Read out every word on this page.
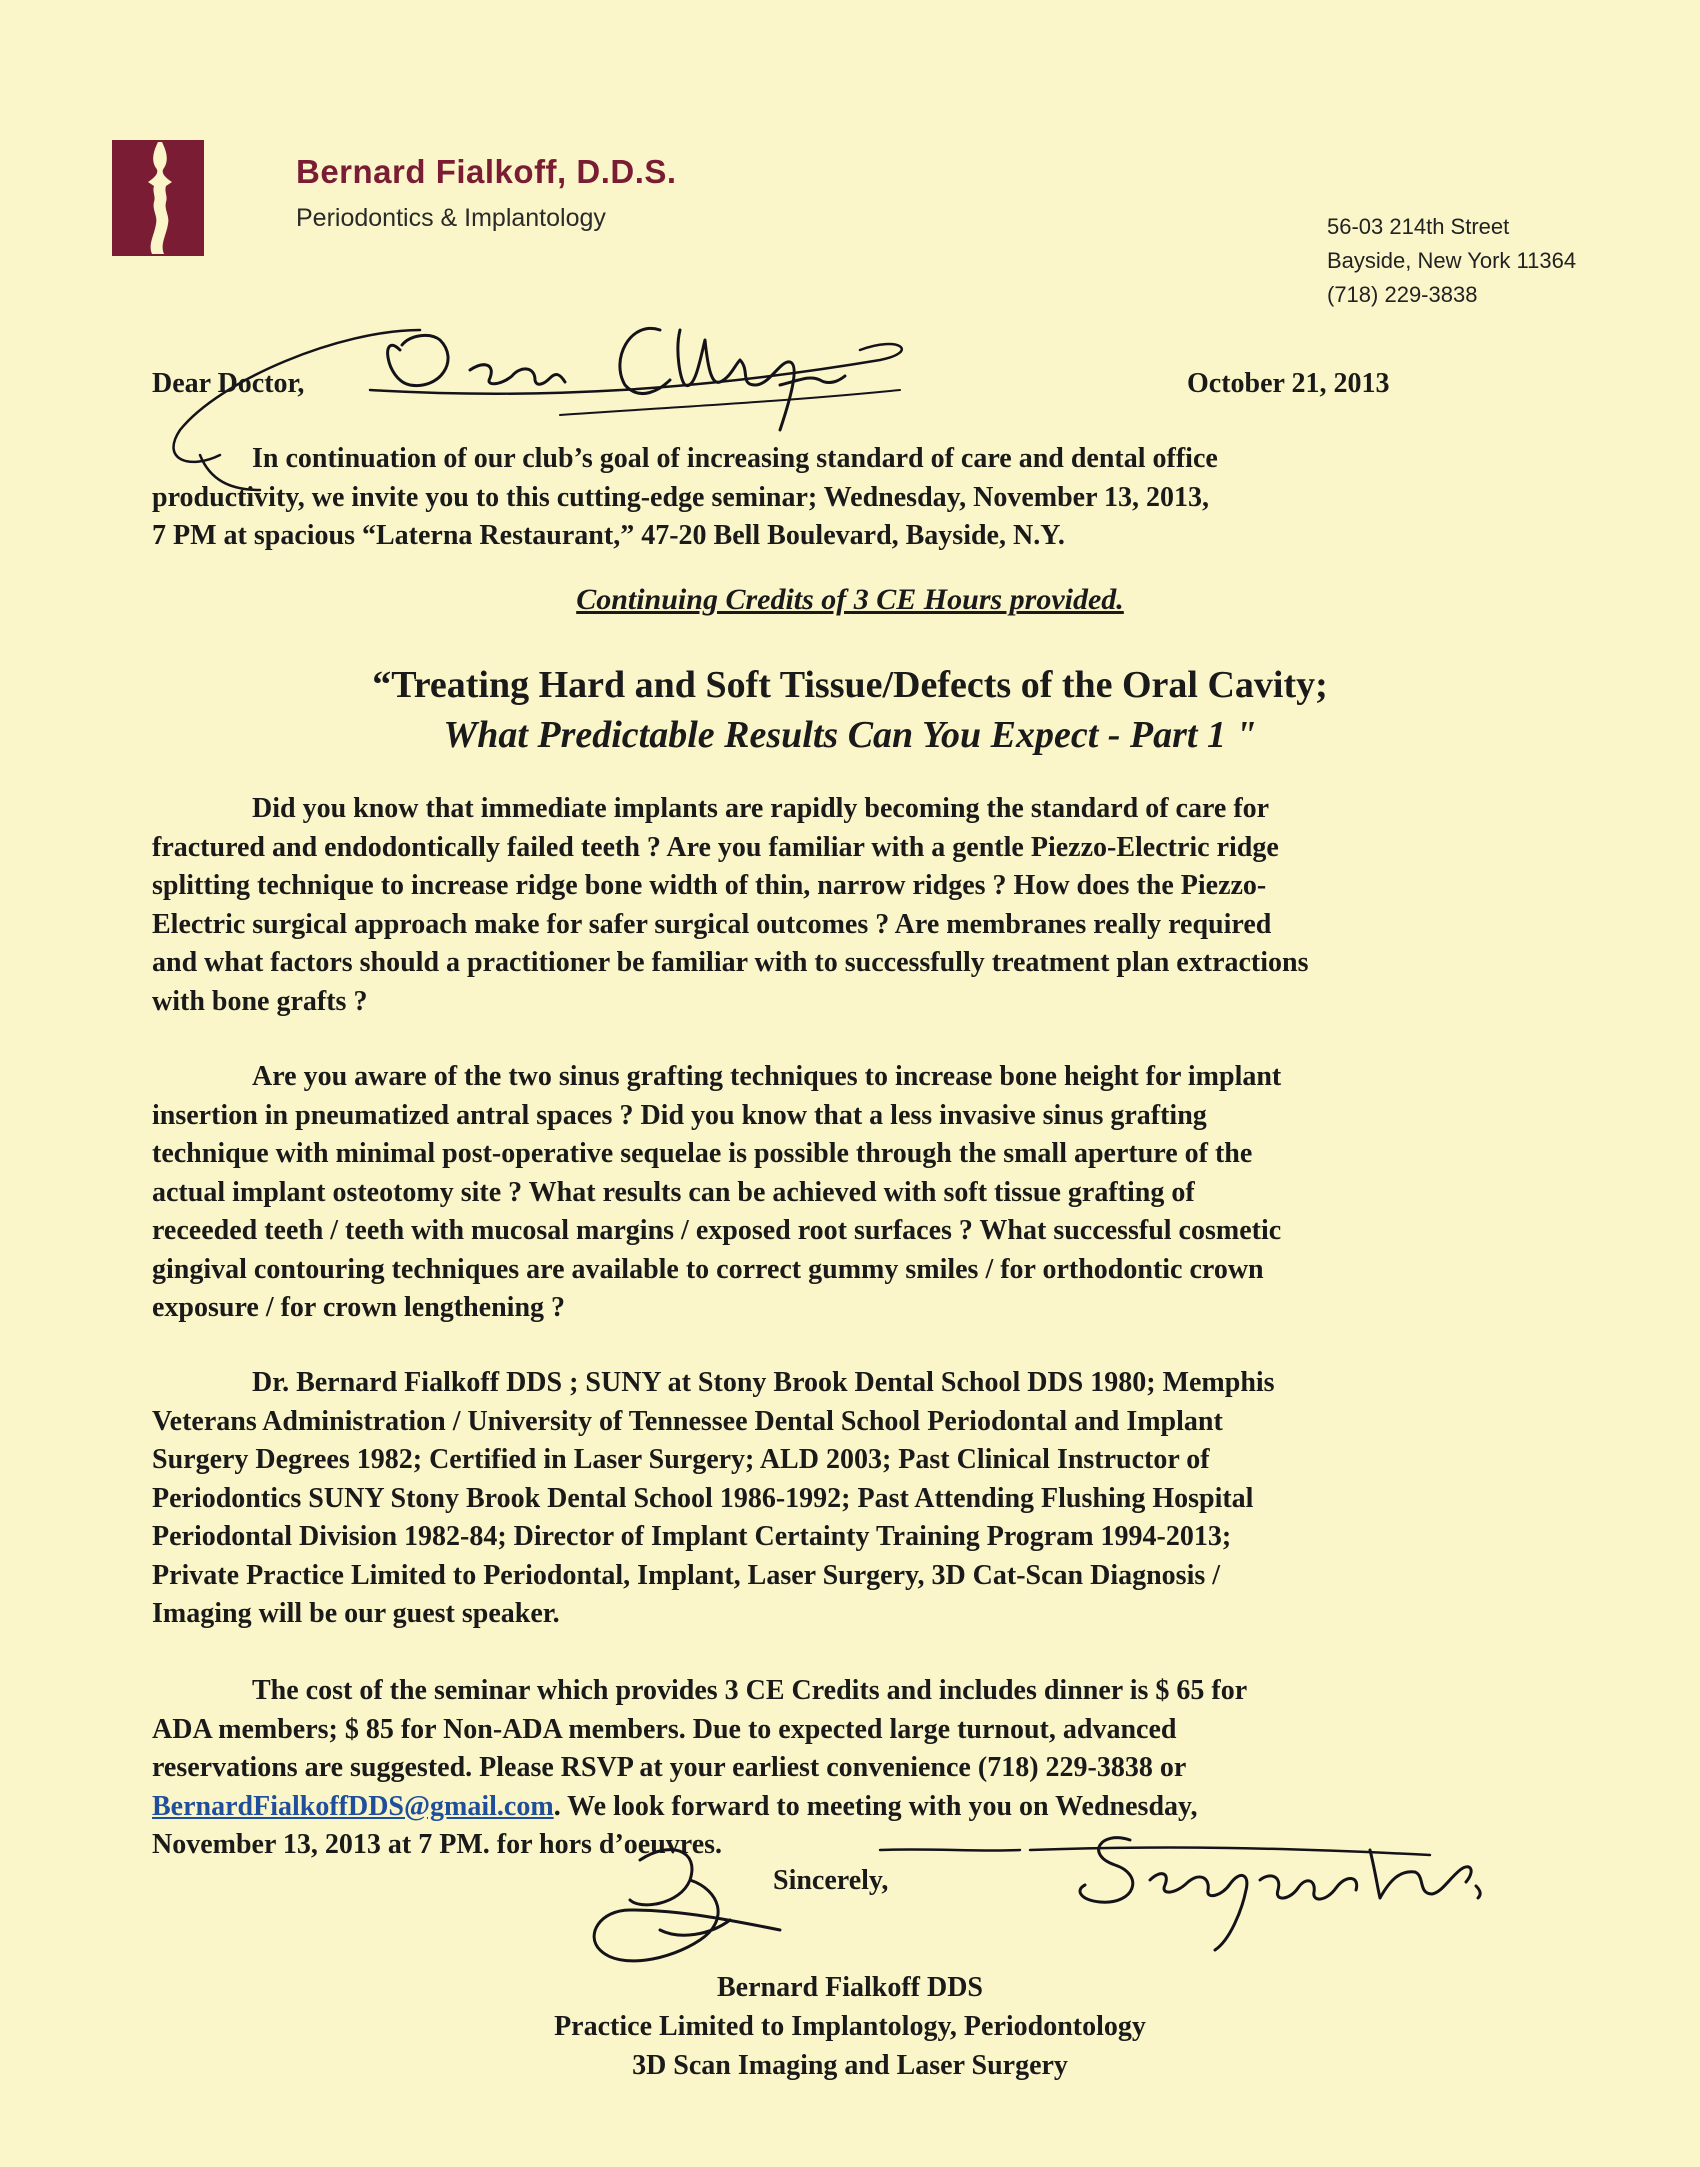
Bernard Fialkoff, D.D.S.
Periodontics & Implantology	56-03 214th Street
Bayside, New York 11364
(718) 229-3838
Dear Doctor,	October 21, 2013
In continuation of our club’s goal of increasing standard of care and dental office
productivity, we invite you to this cutting-edge seminar; Wednesday, November 13, 2013,
7 PM at spacious “Laterna Restaurant,” 47-20 Bell Boulevard, Bayside, N.Y.
Continuing Credits of 3 CE Hours provided.
“Treating Hard and Soft Tissue/Defects of the Oral Cavity;
What Predictable Results Can You Expect - Part 1 "
Did you know that immediate implants are rapidly becoming the standard of care for
fractured and endodontically failed teeth ? Are you familiar with a gentle Piezzo-Electric ridge
splitting technique to increase ridge bone width of thin, narrow ridges ? How does the Piezzo-
Electric surgical approach make for safer surgical outcomes ? Are membranes really required
and what factors should a practitioner be familiar with to successfully treatment plan extractions
with bone grafts ?
Are you aware of the two sinus grafting techniques to increase bone height for implant
insertion in pneumatized antral spaces ? Did you know that a less invasive sinus grafting
technique with minimal post-operative sequelae is possible through the small aperture of the
actual implant osteotomy site ? What results can be achieved with soft tissue grafting of
receeded teeth / teeth with mucosal margins / exposed root surfaces ? What successful cosmetic
gingival contouring techniques are available to correct gummy smiles / for orthodontic crown
exposure / for crown lengthening ?
Dr. Bernard Fialkoff DDS ; SUNY at Stony Brook Dental School DDS 1980; Memphis
Veterans Administration / University of Tennessee Dental School Periodontal and Implant
Surgery Degrees 1982; Certified in Laser Surgery; ALD 2003; Past Clinical Instructor of
Periodontics SUNY Stony Brook Dental School 1986-1992; Past Attending Flushing Hospital
Periodontal Division 1982-84; Director of Implant Certainty Training Program 1994-2013;
Private Practice Limited to Periodontal, Implant, Laser Surgery, 3D Cat-Scan Diagnosis /
Imaging will be our guest speaker.
The cost of the seminar which provides 3 CE Credits and includes dinner is $ 65 for
ADA members; $ 85 for Non-ADA members. Due to expected large turnout, advanced
reservations are suggested. Please RSVP at your earliest convenience (718) 229-3838 or
BernardFialkoffDDS@gmail.com. We look forward to meeting with you on Wednesday,
November 13, 2013 at 7 PM. for hors d’oeuvres.
Sincerely,
Bernard Fialkoff DDS
Practice Limited to Implantology, Periodontology
3D Scan Imaging and Laser Surgery
